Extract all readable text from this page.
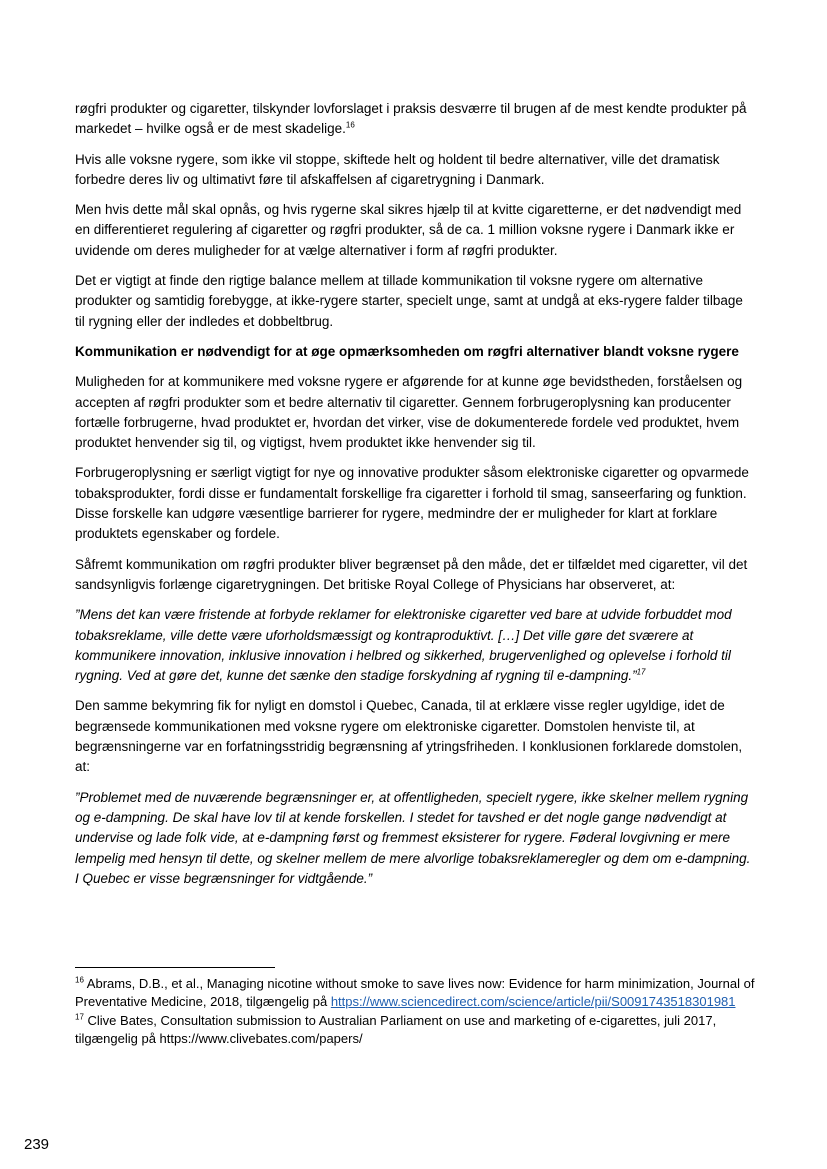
røgfri produkter og cigaretter, tilskynder lovforslaget i praksis desværre til brugen af de mest kendte produkter på markedet – hvilke også er de mest skadelige.$^{16}$

Hvis alle voksne rygere, som ikke vil stoppe, skiftede helt og holdent til bedre alternativer, ville det dramatisk forbedre deres liv og ultimativt føre til afskaffelsen af cigaretrygning i Danmark.

Men hvis dette mål skal opnås, og hvis rygerne skal sikres hjælp til at kvitte cigaretterne, er det nødvendigt med en differentieret regulering af cigaretter og røgfri produkter, så de ca. 1 million voksne rygere i Danmark ikke er uvidende om deres muligheder for at vælge alternativer i form af røgfri produkter.

Det er vigtigt at finde den rigtige balance mellem at tillade kommunikation til voksne rygere om alternative produkter og samtidig forebygge, at ikke-rygere starter, specielt unge, samt at undgå at eks-rygere falder tilbage til rygning eller der indledes et dobbeltbrug.

Kommunikation er nødvendigt for at øge opmærksomheden om røgfri alternativer blandt voksne rygere

Muligheden for at kommunikere med voksne rygere er afgørende for at kunne øge bevidstheden, forståelsen og accepten af røgfri produkter som et bedre alternativ til cigaretter. Gennem forbrugeroplysning kan producenter fortælle forbrugerne, hvad produktet er, hvordan det virker, vise de dokumenterede fordele ved produktet, hvem produktet henvender sig til, og vigtigst, hvem produktet ikke henvender sig til.

Forbrugeroplysning er særligt vigtigt for nye og innovative produkter såsom elektroniske cigaretter og opvarmede tobaksprodukter, fordi disse er fundamentalt forskellige fra cigaretter i forhold til smag, sanseerfaring og funktion. Disse forskelle kan udgøre væsentlige barrierer for rygere, medmindre der er muligheder for klart at forklare produktets egenskaber og fordele.

Såfremt kommunikation om røgfri produkter bliver begrænset på den måde, det er tilfældet med cigaretter, vil det sandsynligvis forlænge cigaretrygningen. Det britiske Royal College of Physicians har observeret, at:

”Mens det kan være fristende at forbyde reklamer for elektroniske cigaretter ved bare at udvide forbuddet mod tobaksreklame, ville dette være uforholdsmæssigt og kontraproduktivt. […] Det ville gøre det sværere at kommunikere innovation, inklusive innovation i helbred og sikkerhed, brugervenlighed og oplevelse i forhold til rygning. Ved at gøre det, kunne det sænke den stadige forskydning af rygning til e-dampning.”$^{17}$

Den samme bekymring fik for nyligt en domstol i Quebec, Canada, til at erklære visse regler ugyldige, idet de begrænsede kommunikationen med voksne rygere om elektroniske cigaretter. Domstolen henviste til, at begrænsningerne var en forfatningsstridig begrænsning af ytringsfriheden. I konklusionen forklarede domstolen, at:

”Problemet med de nuværende begrænsninger er, at offentligheden, specielt rygere, ikke skelner mellem rygning og e-dampning. De skal have lov til at kende forskellen. I stedet for tavshed er det nogle gange nødvendigt at undervise og lade folk vide, at e-dampning først og fremmest eksisterer for rygere. Føderal lovgivning er mere lempelig med hensyn til dette, og skelner mellem de mere alvorlige tobaksreklameregler og dem om e-dampning. I Quebec er visse begrænsninger for vidtgående.”

$^{16}$ Abrams, D.B., et al., Managing nicotine without smoke to save lives now: Evidence for harm minimization, Journal of Preventative Medicine, 2018, tilgængelig på https://www.sciencedirect.com/science/article/pii/S0091743518301981

$^{17}$ Clive Bates, Consultation submission to Australian Parliament on use and marketing of e-cigarettes, juli 2017, tilgængelig på https://www.clivebates.com/papers/

239
